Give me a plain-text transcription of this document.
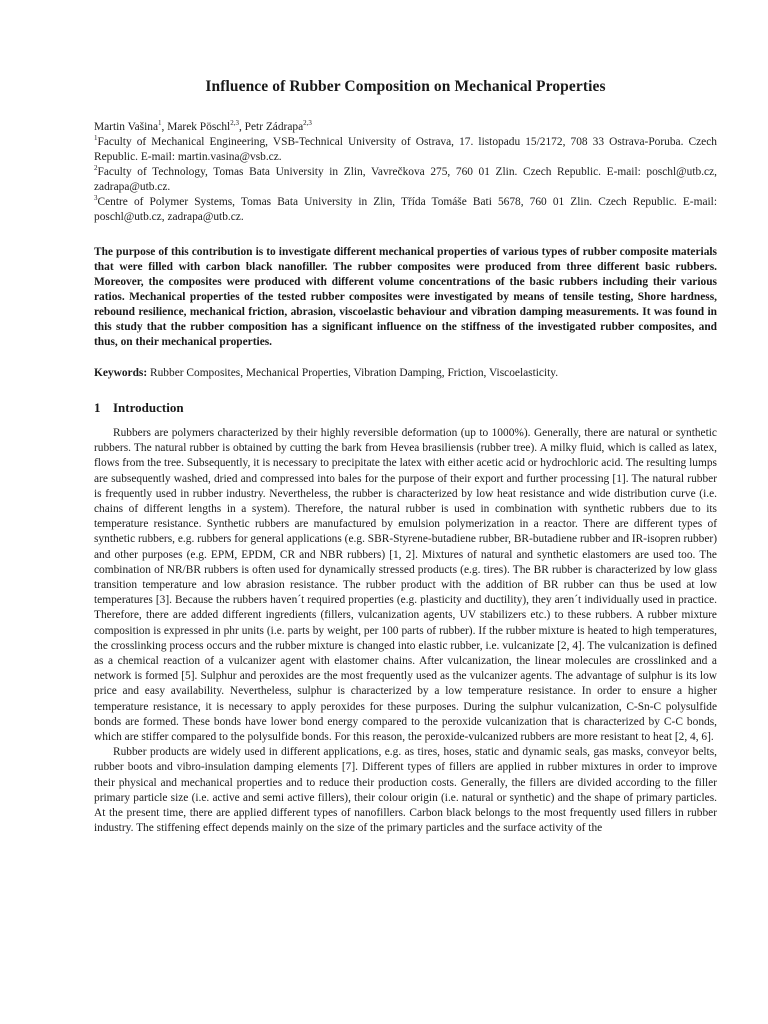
Influence of Rubber Composition on Mechanical Properties

Martin Vašina$^1$, Marek Pöschl$^{2,3}$, Petr Zádrapa$^{2,3}$

$^1$Faculty of Mechanical Engineering, VSB-Technical University of Ostrava, 17. listopadu 15/2172, 708 33 Ostrava-Poruba. Czech Republic. E-mail: martin.vasina@vsb.cz.

$^2$Faculty of Technology, Tomas Bata University in Zlin, Vavrečkova 275, 760 01 Zlin. Czech Republic. E-mail: poschl@utb.cz, zadrapa@utb.cz.

$^3$Centre of Polymer Systems, Tomas Bata University in Zlin, Třída Tomáše Bati 5678, 760 01 Zlin. Czech Republic. E-mail: poschl@utb.cz, zadrapa@utb.cz.

The purpose of this contribution is to investigate different mechanical properties of various types of rubber composite materials that were filled with carbon black nanofiller. The rubber composites were produced from three different basic rubbers. Moreover, the composites were produced with different volume concentrations of the basic rubbers including their various ratios. Mechanical properties of the tested rubber composites were investigated by means of tensile testing, Shore hardness, rebound resilience, mechanical friction, abrasion, viscoelastic behaviour and vibration damping measurements. It was found in this study that the rubber composition has a significant influence on the stiffness of the investigated rubber composites, and thus, on their mechanical properties.

Keywords: Rubber Composites, Mechanical Properties, Vibration Damping, Friction, Viscoelasticity.

1 Introduction

Rubbers are polymers characterized by their highly reversible deformation (up to 1000%). Generally, there are natural or synthetic rubbers. The natural rubber is obtained by cutting the bark from Hevea brasiliensis (rubber tree). A milky fluid, which is called as latex, flows from the tree. Subsequently, it is necessary to precipitate the latex with either acetic acid or hydrochloric acid. The resulting lumps are subsequently washed, dried and compressed into bales for the purpose of their export and further processing [1]. The natural rubber is frequently used in rubber industry. Nevertheless, the rubber is characterized by low heat resistance and wide distribution curve (i.e. chains of different lengths in a system). Therefore, the natural rubber is used in combination with synthetic rubbers due to its temperature resistance. Synthetic rubbers are manufactured by emulsion polymerization in a reactor. There are different types of synthetic rubbers, e.g. rubbers for general applications (e.g. SBR-Styrene-butadiene rubber, BR-butadiene rubber and IR-isopren rubber) and other purposes (e.g. EPM, EPDM, CR and NBR rubbers) [1, 2]. Mixtures of natural and synthetic elastomers are used too. The combination of NR/BR rubbers is often used for dynamically stressed products (e.g. tires). The BR rubber is characterized by low glass transition temperature and low abrasion resistance. The rubber product with the addition of BR rubber can thus be used at low temperatures [3]. Because the rubbers haven´t required properties (e.g. plasticity and ductility), they aren´t individually used in practice. Therefore, there are added different ingredients (fillers, vulcanization agents, UV stabilizers etc.) to these rubbers. A rubber mixture composition is expressed in phr units (i.e. parts by weight, per 100 parts of rubber). If the rubber mixture is heated to high temperatures, the crosslinking process occurs and the rubber mixture is changed into elastic rubber, i.e. vulcanizate [2, 4]. The vulcanization is defined as a chemical reaction of a vulcanizer agent with elastomer chains. After vulcanization, the linear molecules are crosslinked and a network is formed [5]. Sulphur and peroxides are the most frequently used as the vulcanizer agents. The advantage of sulphur is its low price and easy availability. Nevertheless, sulphur is characterized by a low temperature resistance. In order to ensure a higher temperature resistance, it is necessary to apply peroxides for these purposes. During the sulphur vulcanization, C-Sn-C polysulfide bonds are formed. These bonds have lower bond energy compared to the peroxide vulcanization that is characterized by C-C bonds, which are stiffer compared to the polysulfide bonds. For this reason, the peroxide-vulcanized rubbers are more resistant to heat [2, 4, 6].

Rubber products are widely used in different applications, e.g. as tires, hoses, static and dynamic seals, gas masks, conveyor belts, rubber boots and vibro-insulation damping elements [7]. Different types of fillers are applied in rubber mixtures in order to improve their physical and mechanical properties and to reduce their production costs. Generally, the fillers are divided according to the filler primary particle size (i.e. active and semi active fillers), their colour origin (i.e. natural or synthetic) and the shape of primary particles. At the present time, there are applied different types of nanofillers. Carbon black belongs to the most frequently used fillers in rubber industry. The stiffening effect depends mainly on the size of the primary particles and the surface activity of the
